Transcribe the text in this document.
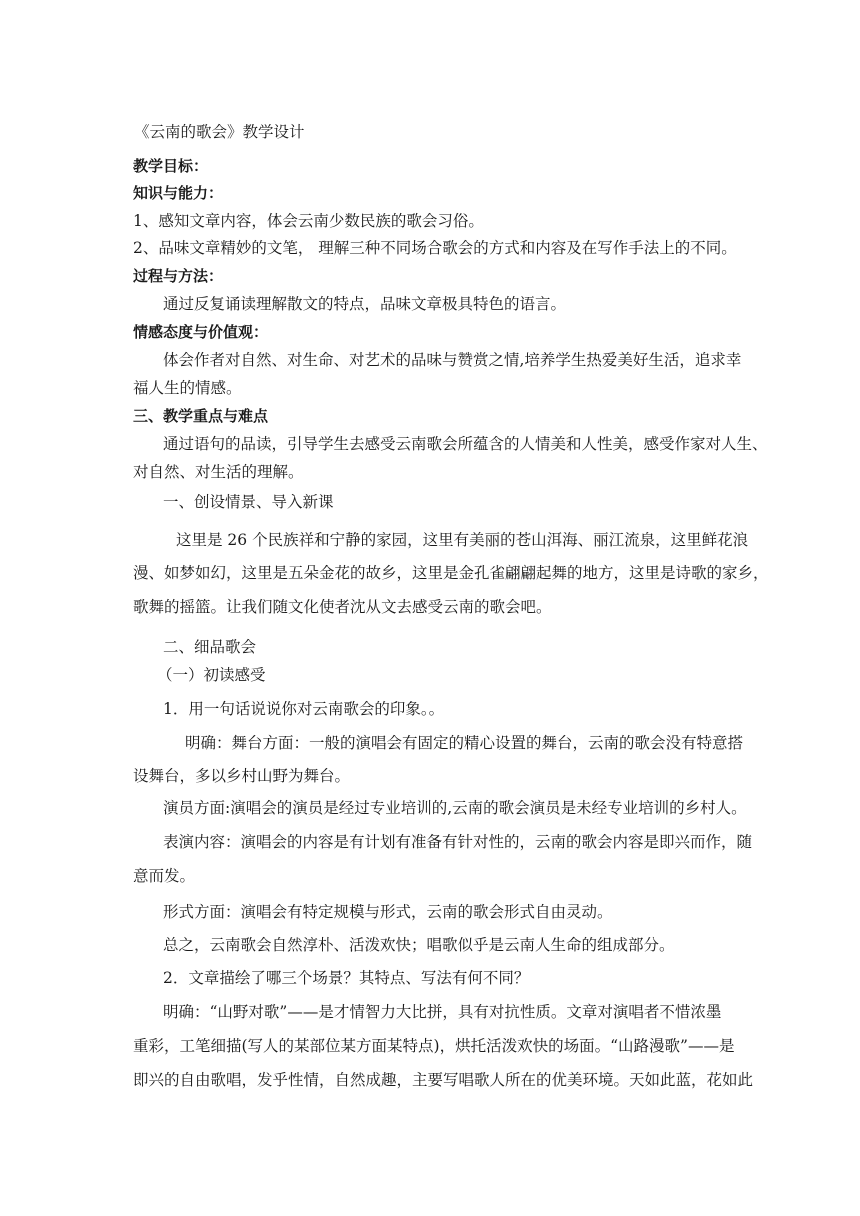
《云南的歌会》教学设计
教学目标：
知识与能力：
1、感知文章内容，体会云南少数民族的歌会习俗。
2、品味文章精妙的文笔， 理解三种不同场合歌会的方式和内容及在写作手法上的不同。
过程与方法：
通过反复诵读理解散文的特点，品味文章极具特色的语言。
情感态度与价值观：
体会作者对自然、对生命、对艺术的品味与赞赏之情,培养学生热爱美好生活，追求幸
福人生的情感。
三、教学重点与难点
通过语句的品读，引导学生去感受云南歌会所蕴含的人情美和人性美，感受作家对人生、
对自然、对生活的理解。
一、创设情景、导入新课
这里是 26 个民族祥和宁静的家园，这里有美丽的苍山洱海、丽江流泉，这里鲜花浪
漫、如梦如幻，这里是五朵金花的故乡，这里是金孔雀翩翩起舞的地方，这里是诗歌的家乡，
歌舞的摇篮。让我们随文化使者沈从文去感受云南的歌会吧。
二、细品歌会
（一）初读感受
1．用一句话说说你对云南歌会的印象。。
明确：舞台方面：一般的演唱会有固定的精心设置的舞台，云南的歌会没有特意搭
设舞台，多以乡村山野为舞台。
演员方面:演唱会的演员是经过专业培训的,云南的歌会演员是未经专业培训的乡村人。
表演内容：演唱会的内容是有计划有准备有针对性的，云南的歌会内容是即兴而作，随
意而发。
形式方面：演唱会有特定规模与形式，云南的歌会形式自由灵动。
总之，云南歌会自然淳朴、活泼欢快；唱歌似乎是云南人生命的组成部分。
2．文章描绘了哪三个场景？其特点、写法有何不同？
明确：“山野对歌”——是才情智力大比拼，具有对抗性质。文章对演唱者不惜浓墨
重彩，工笔细描(写人的某部位某方面某特点)，烘托活泼欢快的场面。“山路漫歌”——是
即兴的自由歌唱，发乎性情，自然成趣，主要写唱歌人所在的优美环境。天如此蓝，花如此
